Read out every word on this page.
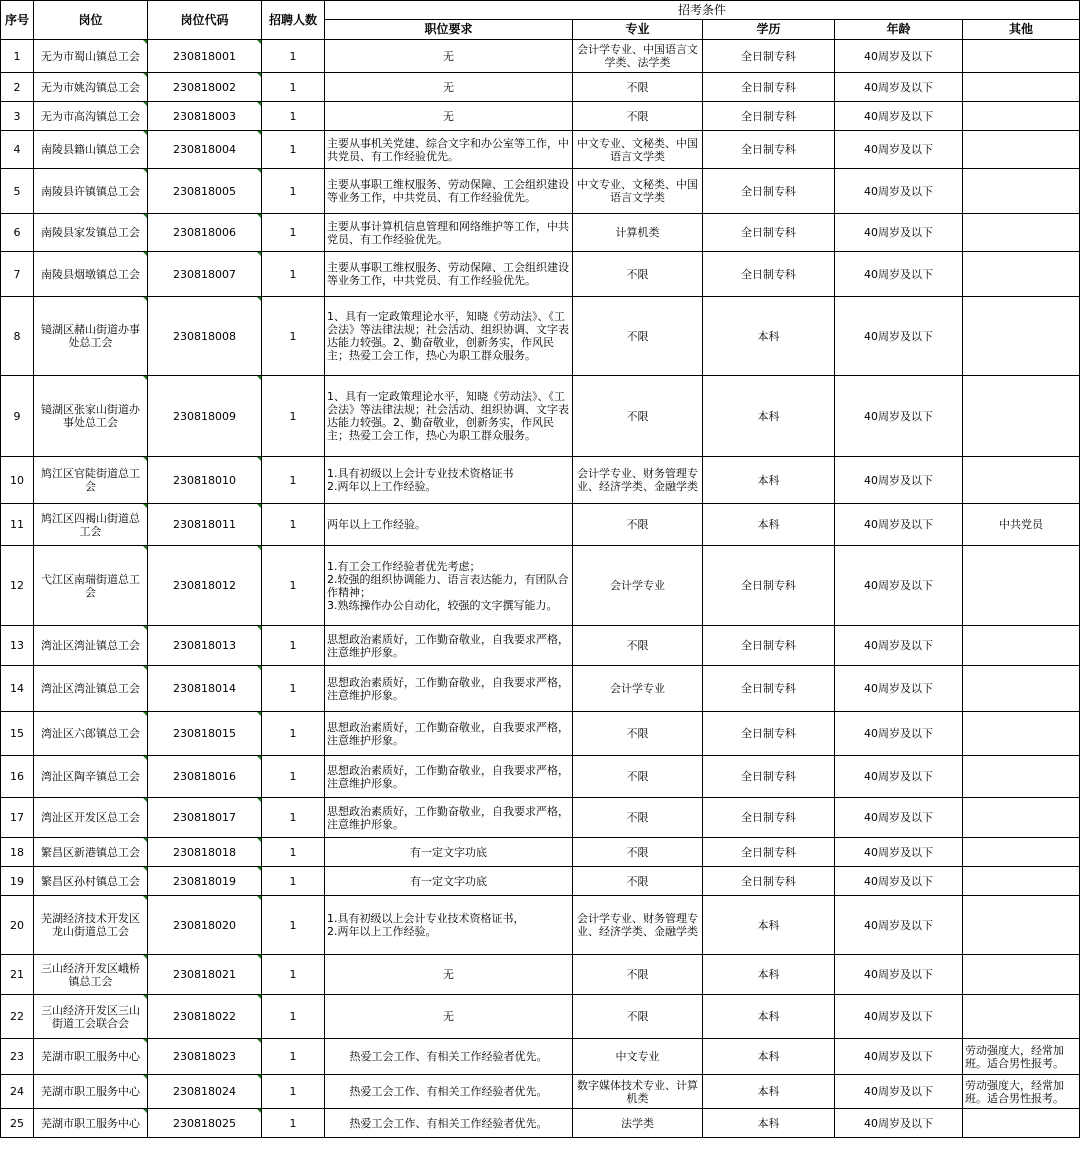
序号	岗位	岗位代码	招聘人数	招考条件				
				职位要求	专业	学历	年龄	其他
1	无为市蜀山镇总工会	230818001	1	无	会计学专业、中国语言文学类、法学类	全日制专科	40周岁及以下	
2	无为市姚沟镇总工会	230818002	1	无	不限	全日制专科	40周岁及以下	
3	无为市高沟镇总工会	230818003	1	无	不限	全日制专科	40周岁及以下	
4	南陵县籍山镇总工会	230818004	1	主要从事机关党建、综合文字和办公室等工作，中共党员、有工作经验优先。	中文专业、文秘类、中国语言文学类	全日制专科	40周岁及以下	
5	南陵县许镇镇总工会	230818005	1	主要从事职工维权服务、劳动保障、工会组织建设等业务工作，中共党员、有工作经验优先。	中文专业、文秘类、中国语言文学类	全日制专科	40周岁及以下	
6	南陵县家发镇总工会	230818006	1	主要从事计算机信息管理和网络维护等工作，中共党员、有工作经验优先。	计算机类	全日制专科	40周岁及以下	
7	南陵县烟墩镇总工会	230818007	1	主要从事职工维权服务、劳动保障、工会组织建设等业务工作，中共党员、有工作经验优先。	不限	全日制专科	40周岁及以下	
8	镜湖区赭山街道办事处总工会	230818008	1	1、具有一定政策理论水平，知晓《劳动法》、《工会法》等法律法规；社会活动、组织协调、文字表达能力较强。2、勤奋敬业，创新务实，作风民主；热爱工会工作，热心为职工群众服务。	不限	本科	40周岁及以下	
9	镜湖区张家山街道办事处总工会	230818009	1	1、具有一定政策理论水平，知晓《劳动法》、《工会法》等法律法规；社会活动、组织协调、文字表达能力较强。2、勤奋敬业，创新务实，作风民主；热爱工会工作，热心为职工群众服务。	不限	本科	40周岁及以下	
10	鸠江区官陡街道总工会	230818010	1	1.具有初级以上会计专业技术资格证书
2.两年以上工作经验。	会计学专业、财务管理专业、经济学类、金融学类	本科	40周岁及以下	
11	鸠江区四褐山街道总工会	230818011	1	两年以上工作经验。	不限	本科	40周岁及以下	中共党员
12	弋江区南瑞街道总工会	230818012	1	1.有工会工作经验者优先考虑；
2.较强的组织协调能力、语言表达能力，有团队合作精神；
3.熟练操作办公自动化，较强的文字撰写能力。	会计学专业	全日制专科	40周岁及以下	
13	湾沚区湾沚镇总工会	230818013	1	思想政治素质好，工作勤奋敬业，自我要求严格，注意维护形象。	不限	全日制专科	40周岁及以下	
14	湾沚区湾沚镇总工会	230818014	1	思想政治素质好，工作勤奋敬业，自我要求严格，注意维护形象。	会计学专业	全日制专科	40周岁及以下	
15	湾沚区六郎镇总工会	230818015	1	思想政治素质好，工作勤奋敬业，自我要求严格，注意维护形象。	不限	全日制专科	40周岁及以下	
16	湾沚区陶辛镇总工会	230818016	1	思想政治素质好，工作勤奋敬业，自我要求严格，注意维护形象。	不限	全日制专科	40周岁及以下	
17	湾沚区开发区总工会	230818017	1	思想政治素质好，工作勤奋敬业，自我要求严格，注意维护形象。	不限	全日制专科	40周岁及以下	
18	繁昌区新港镇总工会	230818018	1	有一定文字功底	不限	全日制专科	40周岁及以下	
19	繁昌区孙村镇总工会	230818019	1	有一定文字功底	不限	全日制专科	40周岁及以下	
20	芜湖经济技术开发区龙山街道总工会	230818020	1	1.具有初级以上会计专业技术资格证书，
2.两年以上工作经验。	会计学专业、财务管理专业、经济学类、金融学类	本科	40周岁及以下	
21	三山经济开发区峨桥镇总工会	230818021	1	无	不限	本科	40周岁及以下	
22	三山经济开发区三山街道工会联合会	230818022	1	无	不限	本科	40周岁及以下	
23	芜湖市职工服务中心	230818023	1	热爱工会工作、有相关工作经验者优先。	中文专业	本科	40周岁及以下	劳动强度大，经常加班。适合男性报考。
24	芜湖市职工服务中心	230818024	1	热爱工会工作、有相关工作经验者优先。	数字媒体技术专业、计算机类	本科	40周岁及以下	劳动强度大，经常加班。适合男性报考。
25	芜湖市职工服务中心	230818025	1	热爱工会工作、有相关工作经验者优先。	法学类	本科	40周岁及以下	
